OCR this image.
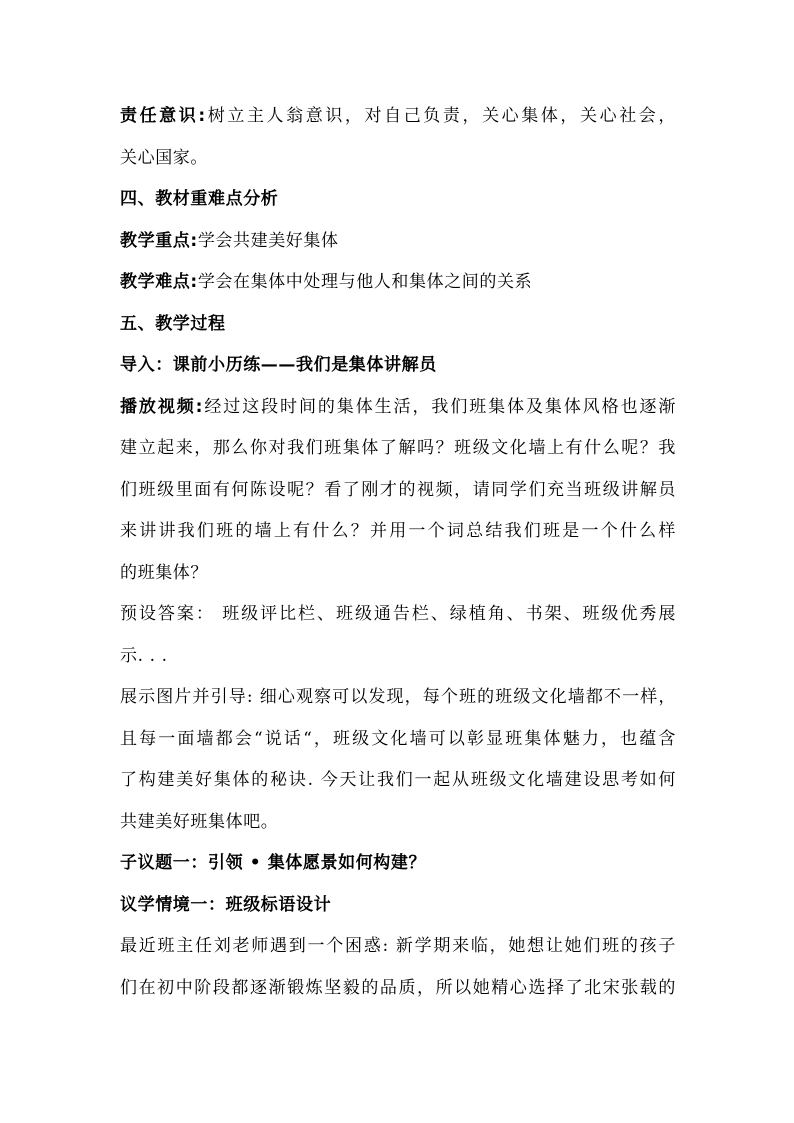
责任意识:树立主人翁意识，对自己负责，关心集体，关心社会，
关心国家。
四、教材重难点分析
教学重点:学会共建美好集体
教学难点:学会在集体中处理与他人和集体之间的关系
五、教学过程
导入：课前小历练——我们是集体讲解员
播放视频:经过这段时间的集体生活，我们班集体及集体风格也逐渐
建立起来，那么你对我们班集体了解吗？班级文化墙上有什么呢？我
们班级里面有何陈设呢？看了刚才的视频，请同学们充当班级讲解员
来讲讲我们班的墙上有什么？并用一个词总结我们班是一个什么样
的班集体？
预设答案： 班级评比栏、班级通告栏、绿植角、书架、班级优秀展
示. . .
展示图片并引导: 细心观察可以发现，每个班的班级文化墙都不一样，
且每一面墙都会“说话“，班级文化墙可以彰显班集体魅力，也蕴含
了构建美好集体的秘诀. 今天让我们一起从班级文化墙建设思考如何
共建美好班集体吧。
子议题一：引领 • 集体愿景如何构建？
议学情境一：班级标语设计
最近班主任刘老师遇到一个困惑: 新学期来临，她想让她们班的孩子
们在初中阶段都逐渐锻炼坚毅的品质，所以她精心选择了北宋张载的
